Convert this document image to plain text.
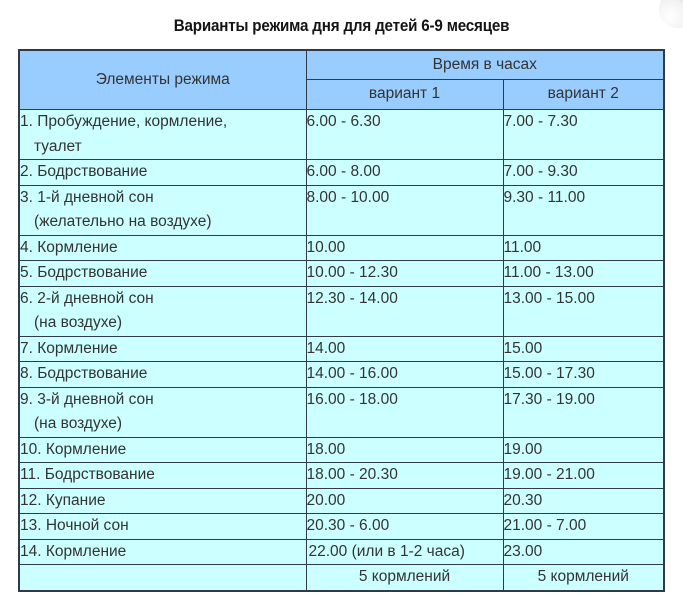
Варианты режима дня для детей 6-9 месяцев
Элементы режима	Время в часах	
	вариант 1	вариант 2
1. Пробуждение, кормление,
туалет	6.00 - 6.30	7.00 - 7.30
2. Бодрствование	6.00 - 8.00	7.00 - 9.30
3. 1-й дневной сон
(желательно на воздухе)	8.00 - 10.00	9.30 - 11.00
4. Кормление	10.00	11.00
5. Бодрствование	10.00 - 12.30	11.00 - 13.00
6. 2-й дневной сон
(на воздухе)	12.30 - 14.00	13.00 - 15.00
7. Кормление	14.00	15.00
8. Бодрствование	14.00 - 16.00	15.00 - 17.30
9. 3-й дневной сон
(на воздухе)	16.00 - 18.00	17.30 - 19.00
10. Кормление	18.00	19.00
11. Бодрствование	18.00 - 20.30	19.00 - 21.00
12. Купание	20.00	20.30
13. Ночной сон	20.30 - 6.00	21.00 - 7.00
14. Кормление	22.00 (или в 1-2 часа)	23.00
	5 кормлений	5 кормлений
